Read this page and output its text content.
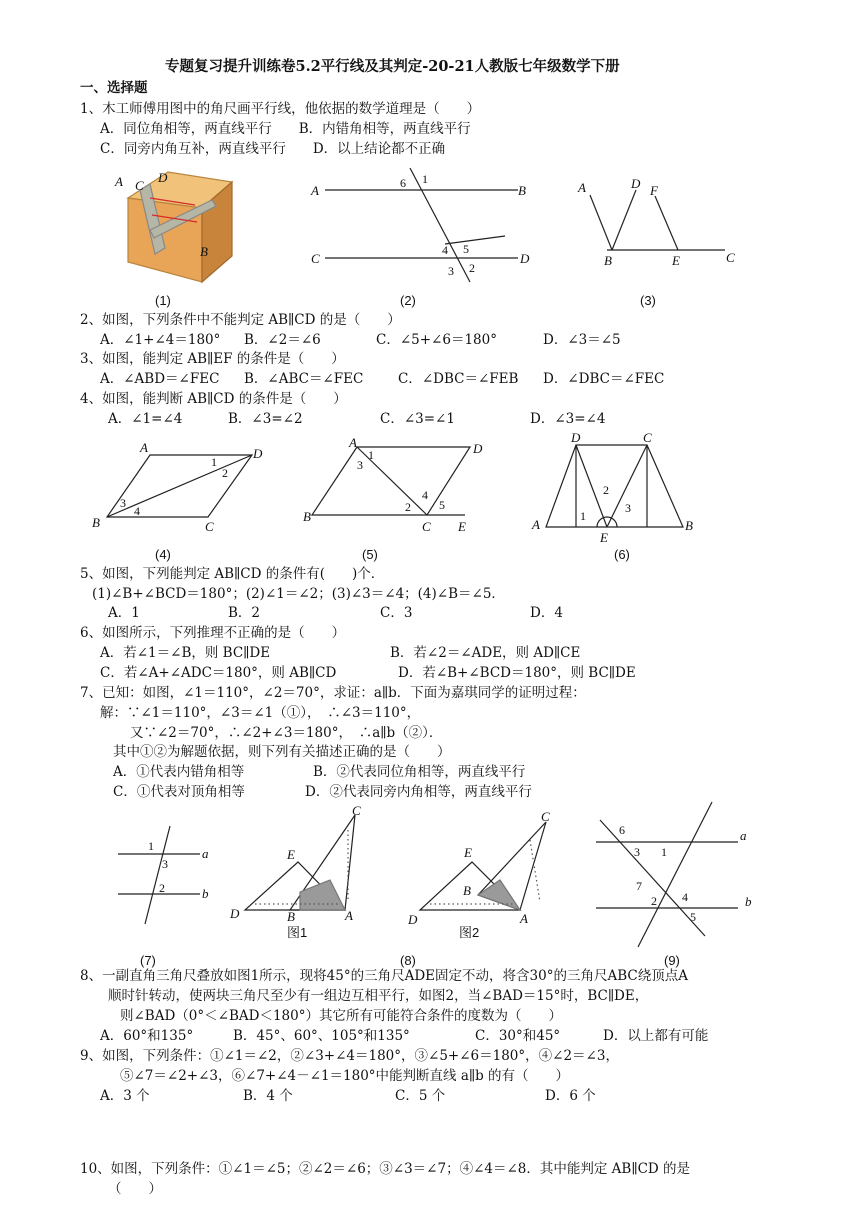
专题复习提升训练卷5.2平行线及其判定-20-21人教版七年级数学下册
一、选择题
1、木工师傅用图中的角尺画平行线，他依据的数学道理是（　　）
A．同位角相等，两直线平行　　B．内错角相等，两直线平行
C．同旁内角互补，两直线平行　　D．以上结论都不正确
A C
D
B
A	B
C	D
6 1
4 5
3 2
A	D F
B	E	C
(1)	(2)	(3)
2、如图，下列条件中不能判定 AB∥CD 的是（　　）
A．∠1+∠4＝180° B．∠2＝∠6	C．∠5+∠6＝180°	D．∠3＝∠5
3、如图，能判定 AB∥EF 的条件是（　　）
A．∠ABD＝∠FEC B．∠ABC＝∠FEC	C．∠DBC＝∠FEB D．∠DBC＝∠FEC
4、如图，能判断 AB∥CD 的条件是（　　）
A．∠1=∠4	B．∠3=∠2	C．∠3=∠1	D．∠3=∠4
A	D
B	C
1
2
3
4
A	D
B
C E
3
1
2
4
5
D	C
A
E
B
1
2
3
(4)	(5)	(6)
5、如图，下列能判定 AB∥CD 的条件有(　　)个．
(1)∠B+∠BCD＝180°；(2)∠1＝∠2；(3)∠3＝∠4；(4)∠B＝∠5．
A．1	B．2	C．3	D．4
6、如图所示，下列推理不正确的是（　　）
A．若∠1＝∠B，则 BC∥DE	B．若∠2＝∠ADE，则 AD∥CE
C．若∠A+∠ADC＝180°，则 AB∥CD	D．若∠B+∠BCD＝180°，则 BC∥DE
7、已知：如图，∠1＝110°，∠2＝70°，求证：a∥b．下面为嘉琪同学的证明过程：
解：∵∠1＝110°，∠3＝∠1（①），　∴∠3＝110°，
又∵∠2＝70°，∴∠2+∠3＝180°，　∴a∥b（②）．
其中①②为解题依据，则下列有关描述正确的是（　　）
A．①代表内错角相等	B．②代表同位角相等，两直线平行
C．①代表对顶角相等	D．②代表同旁内角相等，两直线平行
1
3
2
a
b
C
E
D	B	A
图1
C
E
B
D	A
图2
6
3 1
a
7
2 4
5
b
(7)	(8)	(9)
8、一副直角三角尺叠放如图1所示，现将45°的三角尺ADE固定不动，将含30°的三角尺ABC绕顶点A
顺时针转动，使两块三角尺至少有一组边互相平行，如图2，当∠BAD＝15°时，BC∥DE，
则∠BAD（0°＜∠BAD＜180°）其它所有可能符合条件的度数为（　　）
A．60°和135°	B．45°、60°、105°和135°	C．30°和45°	D．以上都有可能
9、如图，下列条件：①∠1＝∠2，②∠3+∠4＝180°，③∠5+∠6＝180°，④∠2＝∠3，
⑤∠7＝∠2+∠3，⑥∠7+∠4－∠1＝180°中能判断直线 a∥b 的有（　　）
A．3 个	B．4 个	C．5 个	D．6 个
10、如图，下列条件：①∠1＝∠5；②∠2＝∠6；③∠3＝∠7；④∠4＝∠8．其中能判定 AB∥CD 的是
（　　）
